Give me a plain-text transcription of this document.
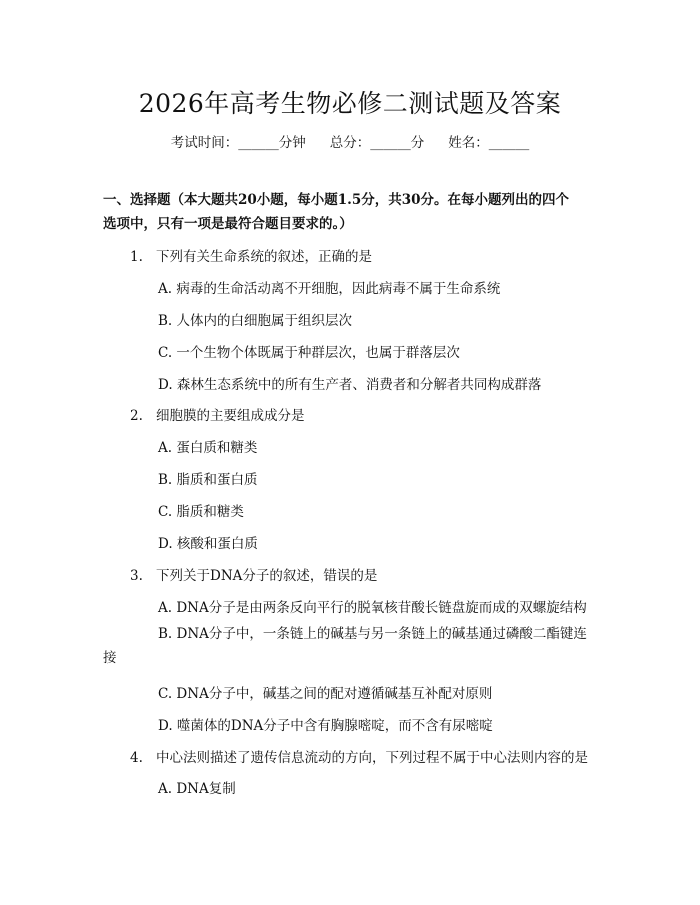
2026年高考生物必修二测试题及答案
考试时间：______分钟 总分：______分 姓名：______
一、选择题（本大题共20小题，每小题1.5分，共30分。在每小题列出的四个
选项中，只有一项是最符合题目要求的。）
1. 下列有关生命系统的叙述，正确的是
A. 病毒的生命活动离不开细胞，因此病毒不属于生命系统
B. 人体内的白细胞属于组织层次
C. 一个生物个体既属于种群层次，也属于群落层次
D. 森林生态系统中的所有生产者、消费者和分解者共同构成群落
2. 细胞膜的主要组成成分是
A. 蛋白质和糖类
B. 脂质和蛋白质
C. 脂质和糖类
D. 核酸和蛋白质
3. 下列关于DNA分子的叙述，错误的是
A. DNA分子是由两条反向平行的脱氧核苷酸长链盘旋而成的双螺旋结构
B. DNA分子中，一条链上的碱基与另一条链上的碱基通过磷酸二酯键连接
C. DNA分子中，碱基之间的配对遵循碱基互补配对原则
D. 噬菌体的DNA分子中含有胸腺嘧啶，而不含有尿嘧啶
4. 中心法则描述了遗传信息流动的方向，下列过程不属于中心法则内容的是
A. DNA复制
